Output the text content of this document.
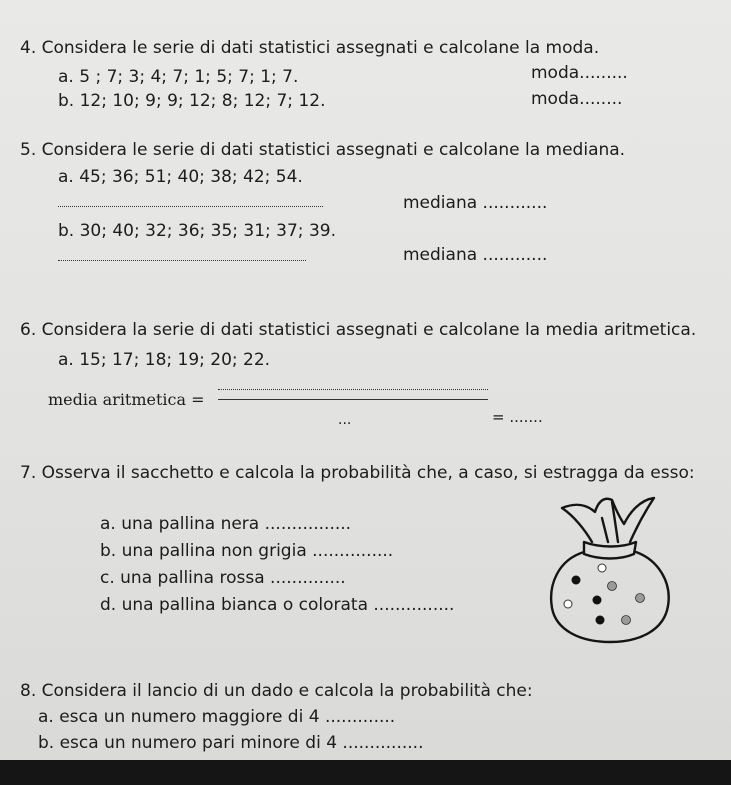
4. Considera le serie di dati statistici assegnati e calcolane la moda.
a. 5 ; 7; 3; 4; 7; 1; 5; 7; 1; 7.	moda.........
b. 12; 10; 9; 9; 12; 8; 12; 7; 12.	moda........
5. Considera le serie di dati statistici assegnati e calcolane la mediana.
a. 45; 36; 51; 40; 38; 42; 54.
mediana ............
b. 30; 40; 32; 36; 35; 31; 37; 39.
mediana ............
6. Considera la serie di dati statistici assegnati e calcolane la media aritmetica.
a. 15; 17; 18; 19; 20; 22.
media aritmetica =
...	= .......
7. Osserva il sacchetto e calcola la probabilità che, a caso, si estragga da esso:
a. una pallina nera ................
b. una pallina non grigia ...............
c. una pallina rossa ..............
d. una pallina bianca o colorata ...............
8. Considera il lancio di un dado e calcola la probabilità che:
a. esca un numero maggiore di 4 .............
b. esca un numero pari minore di 4 ...............
